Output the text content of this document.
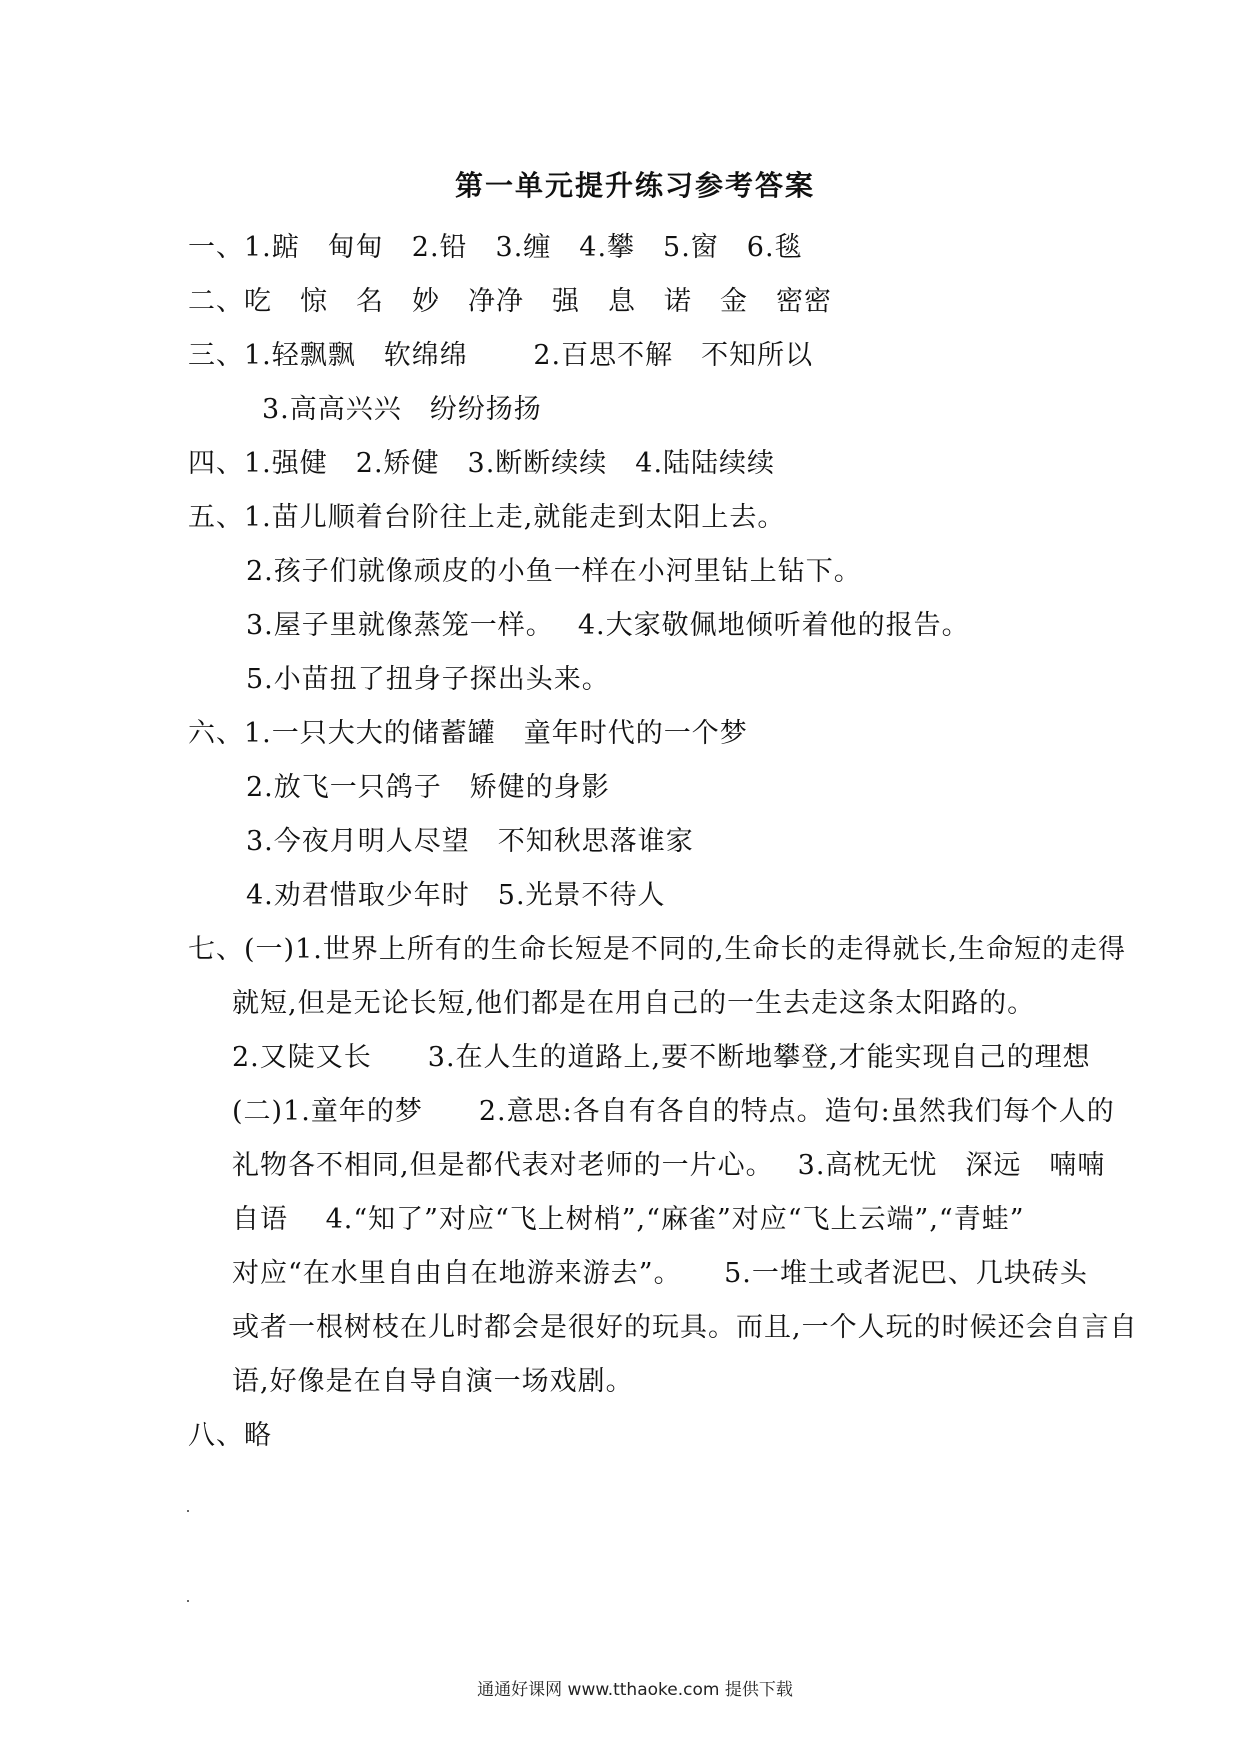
第一单元提升练习参考答案
一、1.踮　甸甸　2.铅　3.缠　4.攀　5.窗　6.毯
二、吃　惊　名　妙　净净　强　息　诺　金　密密
三、1.轻飘飘　软绵绵　　 2.百思不解　不知所以
3.高高兴兴　纷纷扬扬
四、1.强健　2.矫健　3.断断续续　4.陆陆续续
五、1.苗儿顺着台阶往上走,就能走到太阳上去。
2.孩子们就像顽皮的小鱼一样在小河里钻上钻下。
3.屋子里就像蒸笼一样。　 4.大家敬佩地倾听着他的报告。
5.小苗扭了扭身子探出头来。
六、1.一只大大的储蓄罐　童年时代的一个梦
2.放飞一只鸽子　矫健的身影
3.今夜月明人尽望　不知秋思落谁家
4.劝君惜取少年时　5.光景不待人
七、(一)1.世界上所有的生命长短是不同的,生命长的走得就长,生命短的走得
就短,但是无论长短,他们都是在用自己的一生去走这条太阳路的。
2.又陡又长　　3.在人生的道路上,要不断地攀登,才能实现自己的理想
(二)1.童年的梦　　2.意思:各自有各自的特点。造句:虽然我们每个人的
礼物各不相同,但是都代表对老师的一片心。　 3.高枕无忧　深远　喃喃
自语　 4.“知了”对应“飞上树梢”,“麻雀”对应“飞上云端”,“青蛙”
对应“在水里自由自在地游来游去”。　　5.一堆土或者泥巴、几块砖头
或者一根树枝在儿时都会是很好的玩具。而且,一个人玩的时候还会自言自
语,好像是在自导自演一场戏剧。
八、略
通通好课网 www.tthaoke.com 提供下载
